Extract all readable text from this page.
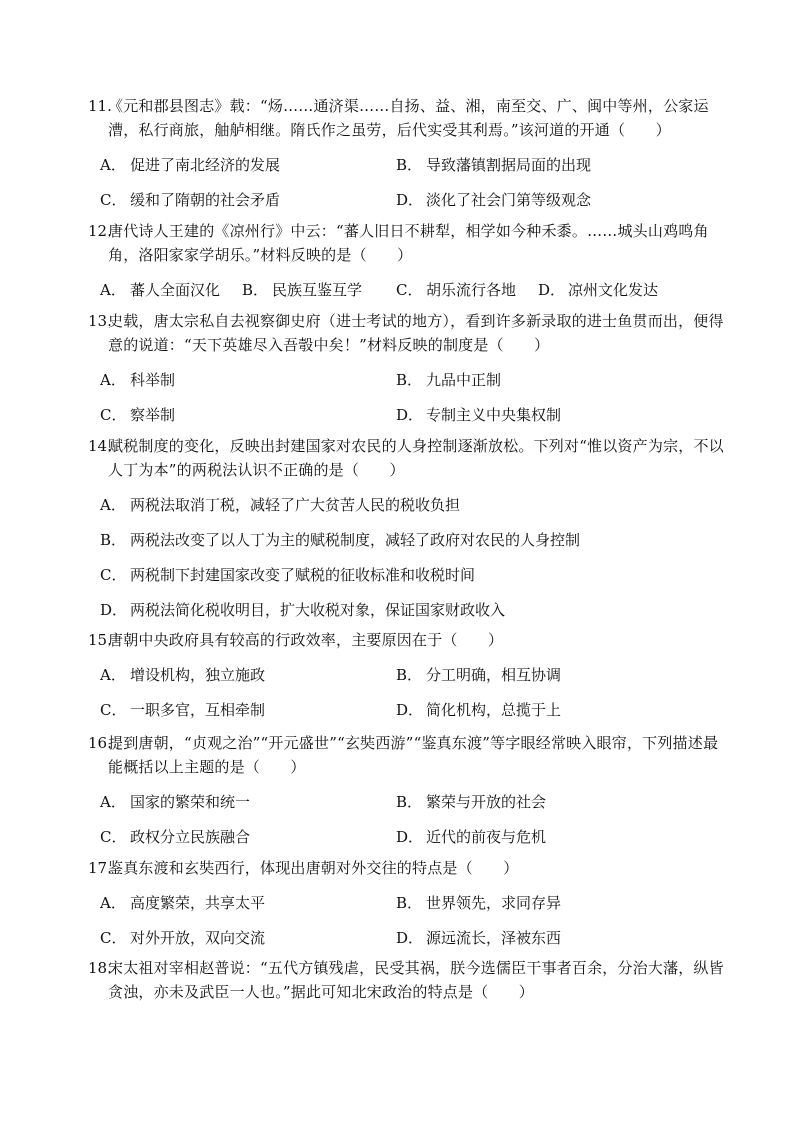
11.
《元和郡县图志》载：“炀……通济渠……自扬、益、湘，南至交、广、闽中等州，公家运漕，私行商旅，舳舻相继。隋氏作之虽劳，后代实受其利焉。”该河道的开通（　　）
A． 促进了南北经济的发展	B． 导致藩镇割据局面的出现
C． 缓和了隋朝的社会矛盾	D． 淡化了社会门第等级观念
12.
唐代诗人王建的《凉州行》中云：“蕃人旧日不耕犁，相学如今种禾黍。……城头山鸡鸣角角，洛阳家家学胡乐。”材料反映的是（　　）
A． 蕃人全面汉化 B． 民族互鉴互学 C． 胡乐流行各地 D． 凉州文化发达
13.
史载，唐太宗私自去视察御史府（进士考试的地方），看到许多新录取的进士鱼贯而出，便得意的说道：“天下英雄尽入吾彀中矣！”材料反映的制度是（　　）
A． 科举制	B． 九品中正制
C． 察举制	D． 专制主义中央集权制
14.
赋税制度的变化，反映出封建国家对农民的人身控制逐渐放松。下列对“惟以资产为宗，不以人丁为本”的两税法认识不正确的是（　　）
A． 两税法取消丁税，减轻了广大贫苦人民的税收负担
B． 两税法改变了以人丁为主的赋税制度，减轻了政府对农民的人身控制
C． 两税制下封建国家改变了赋税的征收标准和收税时间
D． 两税法简化税收明目，扩大收税对象，保证国家财政收入
15.
唐朝中央政府具有较高的行政效率，主要原因在于（　　）
A． 增设机构，独立施政	B． 分工明确，相互协调
C． 一职多官，互相牵制	D． 简化机构，总揽于上
16.
提到唐朝，“贞观之治”“开元盛世”“玄奘西游”“鉴真东渡”等字眼经常映入眼帘，下列描述最能概括以上主题的是（　　）
A． 国家的繁荣和统一	B． 繁荣与开放的社会
C． 政权分立民族融合	D． 近代的前夜与危机
17.
鉴真东渡和玄奘西行，体现出唐朝对外交往的特点是（　　）
A． 高度繁荣，共享太平	B． 世界领先，求同存异
C． 对外开放，双向交流	D． 源远流长，泽被东西
18.
宋太祖对宰相赵普说：“五代方镇残虐，民受其祸，朕今选儒臣干事者百余，分治大藩，纵皆贪浊，亦未及武臣一人也。”据此可知北宋政治的特点是（　　）
